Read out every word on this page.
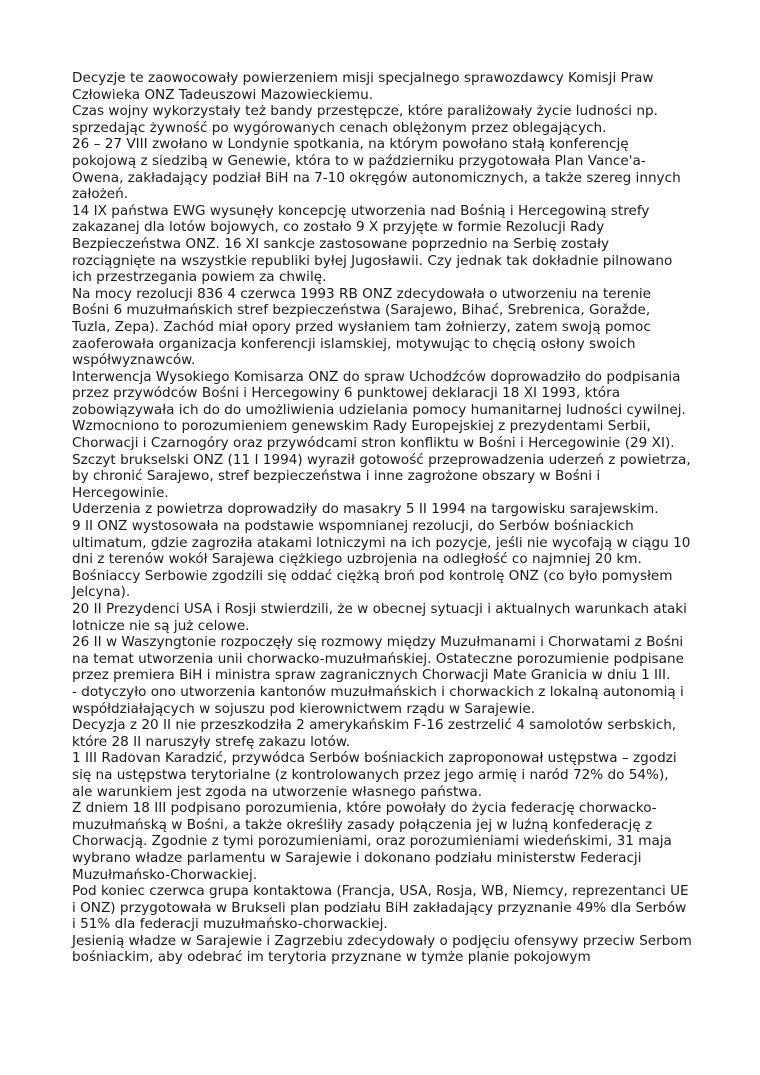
Decyzje te zaowocowały powierzeniem misji specjalnego sprawozdawcy Komisji Praw Człowieka ONZ Tadeuszowi Mazowieckiemu.

Czas wojny wykorzystały też bandy przestępcze, które paraliżowały życie ludności np. sprzedając żywność po wygórowanych cenach oblężonym przez oblegających.

26 – 27 VIII zwołano w Londynie spotkania, na którym powołano stałą konferencję pokojową z siedzibą w Genewie, która to w październiku przygotowała Plan Vance'a-Owena, zakładający podział BiH na 7-10 okręgów autonomicznych, a także szereg innych założeń.

14 IX państwa EWG wysunęły koncepcję utworzenia nad Bośnią i Hercegowiną strefy zakazanej dla lotów bojowych, co zostało 9 X przyjęte w formie Rezolucji Rady Bezpieczeństwa ONZ. 16 XI sankcje zastosowane poprzednio na Serbię zostały rozciągnięte na wszystkie republiki byłej Jugosławii. Czy jednak tak dokładnie pilnowano ich przestrzegania powiem za chwilę.

Na mocy rezolucji 836 4 czerwca 1993 RB ONZ zdecydowała o utworzeniu na terenie Bośni 6 muzułmańskich stref bezpieczeństwa (Sarajewo, Bihać, Srebrenica, Goražde, Tuzla, Zepa). Zachód miał opory przed wysłaniem tam żołnierzy, zatem swoją pomoc zaoferowała organizacja konferencji islamskiej, motywując to chęcią osłony swoich współwyznawców.

Interwencja Wysokiego Komisarza ONZ do spraw Uchodźców doprowadziło do podpisania przez przywódców Bośni i Hercegowiny 6 punktowej deklaracji 18 XI 1993, która zobowiązywała ich do do umożliwienia udzielania pomocy humanitarnej ludności cywilnej. Wzmocniono to porozumieniem genewskim Rady Europejskiej z prezydentami Serbii, Chorwacji i Czarnogóry oraz przywódcami stron konfliktu w Bośni i Hercegowinie (29 XI).

Szczyt brukselski ONZ (11 I 1994) wyraził gotowość przeprowadzenia uderzeń z powietrza, by chronić Sarajewo, stref bezpieczeństwa i inne zagrożone obszary w Bośni i Hercegowinie.

Uderzenia z powietrza doprowadziły do masakry 5 II 1994 na targowisku sarajewskim.

9 II ONZ wystosowała na podstawie wspomnianej rezolucji, do Serbów bośniackich ultimatum, gdzie zagroziła atakami lotniczymi na ich pozycje, jeśli nie wycofają w ciągu 10 dni z terenów wokół Sarajewa ciężkiego uzbrojenia na odległość co najmniej 20 km. Bośniaccy Serbowie zgodzili się oddać ciężką broń pod kontrolę ONZ (co było pomysłem Jelcyna).

20 II Prezydenci USA i Rosji stwierdzili, że w obecnej sytuacji i aktualnych warunkach ataki lotnicze nie są już celowe.

26 II w Waszyngtonie rozpoczęły się rozmowy między Muzułmanami i Chorwatami z Bośni na temat utworzenia unii chorwacko-muzułmańskiej. Ostateczne porozumienie podpisane przez premiera BiH i ministra spraw zagranicznych Chorwacji Mate Granicia w dniu 1 III.

- dotyczyło ono utworzenia kantonów muzułmańskich i chorwackich z lokalną autonomią i współdziałających w sojuszu pod kierownictwem rządu w Sarajewie.

Decyzja z 20 II nie przeszkodziła 2 amerykańskim F-16 zestrzelić 4 samolotów serbskich, które 28 II naruszyły strefę zakazu lotów.

1 III Radovan Karadzić, przywódca Serbów bośniackich zaproponował ustępstwa – zgodzi się na ustępstwa terytorialne (z kontrolowanych przez jego armię i naród 72% do 54%), ale warunkiem jest zgoda na utworzenie własnego państwa.

Z dniem 18 III podpisano porozumienia, które powołały do życia federację chorwacko-muzułmańską w Bośni, a także określiły zasady połączenia jej w luźną konfederację z Chorwacją. Zgodnie z tymi porozumieniami, oraz porozumieniami wiedeńskimi, 31 maja wybrano władze parlamentu w Sarajewie i dokonano podziału ministerstw Federacji Muzułmańsko-Chorwackiej.

Pod koniec czerwca grupa kontaktowa (Francja, USA, Rosja, WB, Niemcy, reprezentanci UE i ONZ) przygotowała w Brukseli plan podziału BiH zakładający przyznanie 49% dla Serbów i 51% dla federacji muzułmańsko-chorwackiej.

Jesienią władze w Sarajewie i Zagrzebiu zdecydowały o podjęciu ofensywy przeciw Serbom bośniackim, aby odebrać im terytoria przyznane w tymże planie pokojowym
